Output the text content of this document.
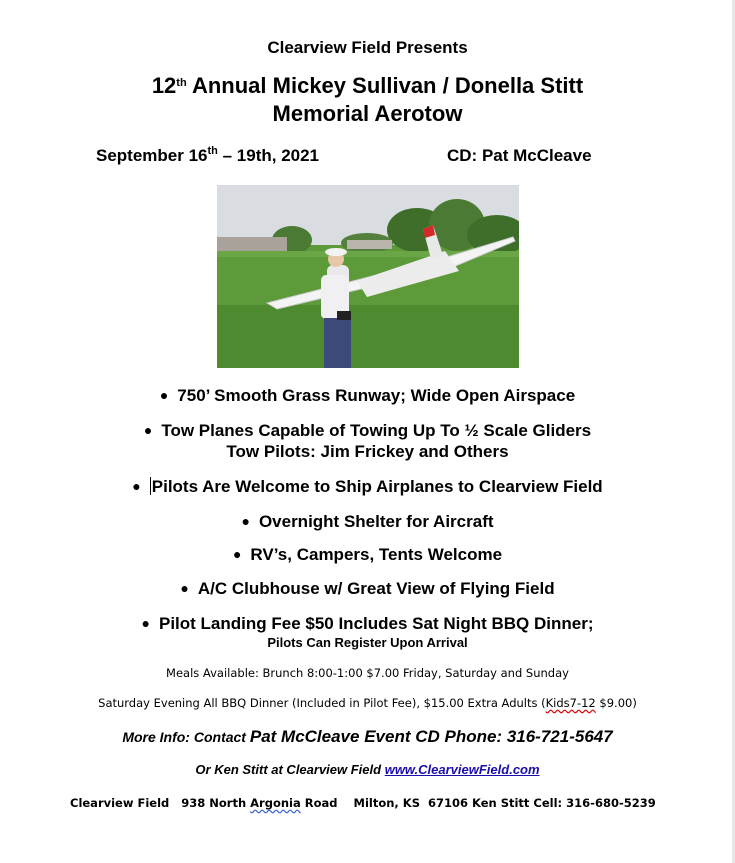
Clearview Field Presents
12th Annual Mickey Sullivan / Donella Stitt
Memorial Aerotow
September 16th – 19th, 2021	CD: Pat McCleave
● 750’ Smooth Grass Runway; Wide Open Airspace
● Tow Planes Capable of Towing Up To ½ Scale Gliders
Tow Pilots: Jim Frickey and Others
● Pilots Are Welcome to Ship Airplanes to Clearview Field
● Overnight Shelter for Aircraft
● RV’s, Campers, Tents Welcome
● A/C Clubhouse w/ Great View of Flying Field
● Pilot Landing Fee $50 Includes Sat Night BBQ Dinner;
Pilots Can Register Upon Arrival
Meals Available: Brunch 8:00-1:00 $7.00 Friday, Saturday and Sunday
Saturday Evening All BBQ Dinner (Included in Pilot Fee), $15.00 Extra Adults (Kids7-12 $9.00)
More Info: Contact Pat McCleave Event CD Phone: 316-721-5647
Or Ken Stitt at Clearview Field www.ClearviewField.com
Clearview Field   938 North Argonia Road    Milton, KS  67106 Ken Stitt Cell: 316-680-5239
